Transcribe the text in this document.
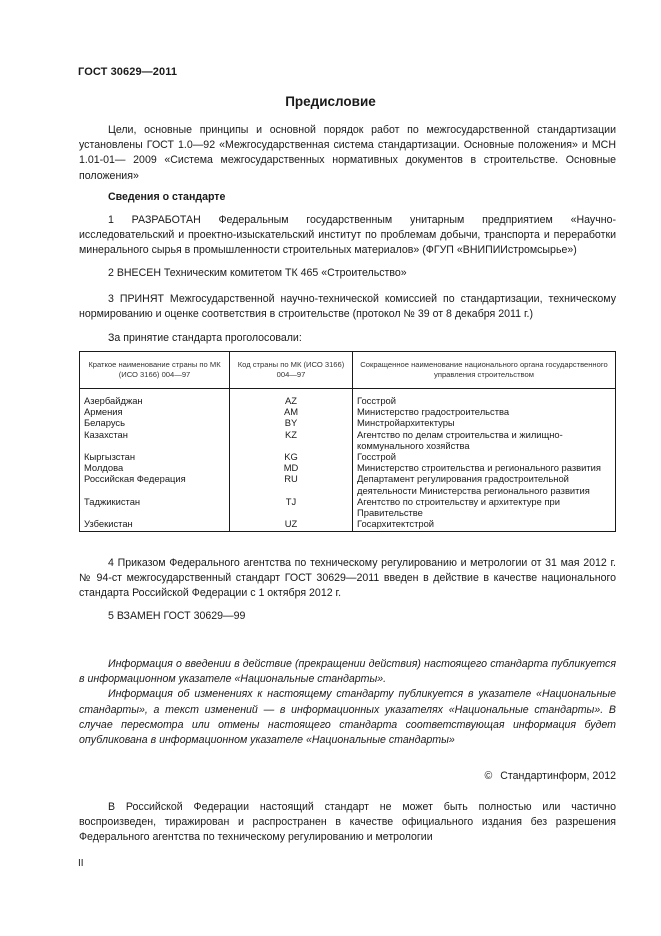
ГОСТ 30629—2011
Предисловие

Цели, основные принципы и основной порядок работ по межгосударственной стандартизации установлены ГОСТ 1.0—92 «Межгосударственная система стандартизации. Основные положения» и МСН 1.01-01— 2009 «Система межгосударственных нормативных документов в строительстве. Основные положения»

Сведения о стандарте

1 РАЗРАБОТАН Федеральным государственным унитарным предприятием «Научно-исследовательский и проектно-изыскательский институт по проблемам добычи, транспорта и переработки минерального сырья в промышленности строительных материалов» (ФГУП «ВНИПИИстромсырье»)

2 ВНЕСЕН Техническим комитетом ТК 465 «Строительство»

3 ПРИНЯТ Межгосударственной научно-технической комиссией по стандартизации, техническому нормированию и оценке соответствия в строительстве (протокол № 39 от 8 декабря 2011 г.)

За принятие стандарта проголосовали:

Краткое наименование страны по МК (ИСО 3166) 004—97	Код страны по МК (ИСО 3166) 004—97	Сокращенное наименование национального органа государственного управления строительством

Азербайджан	AZ	Госстрой
Армения	AM	Министерство градостроительства
Беларусь	BY	Минстройархитектуры
Казахстан	KZ	Агентство по делам строительства и жилищно-коммунального хозяйства
Кыргызстан	KG	Госстрой
Молдова	MD	Министерство строительства и регионального развития
Российская Федерация	RU	Департамент регулирования градостроительной деятельности Министерства регионального развития
Таджикистан	TJ	Агентство по строительству и архитектуре при Правительстве
Узбекистан	UZ	Госархитектстрой

4 Приказом Федерального агентства по техническому регулированию и метрологии от 31 мая 2012 г. № 94-ст межгосударственный стандарт ГОСТ 30629—2011 введен в действие в качестве национального стандарта Российской Федерации с 1 октября 2012 г.

5 ВЗАМЕН ГОСТ 30629—99

Информация о введении в действие (прекращении действия) настоящего стандарта публикуется в информационном указателе «Национальные стандарты».

Информация об изменениях к настоящему стандарту публикуется в указателе «Национальные стандарты», а текст изменений — в информационных указателях «Национальные стандарты». В случае пересмотра или отмены настоящего стандарта соответствующая информация будет опубликована в информационном указателе «Национальные стандарты»

© Стандартинформ, 2012

В Российской Федерации настоящий стандарт не может быть полностью или частично воспроизведен, тиражирован и распространен в качестве официального издания без разрешения Федерального агентства по техническому регулированию и метрологии

II
